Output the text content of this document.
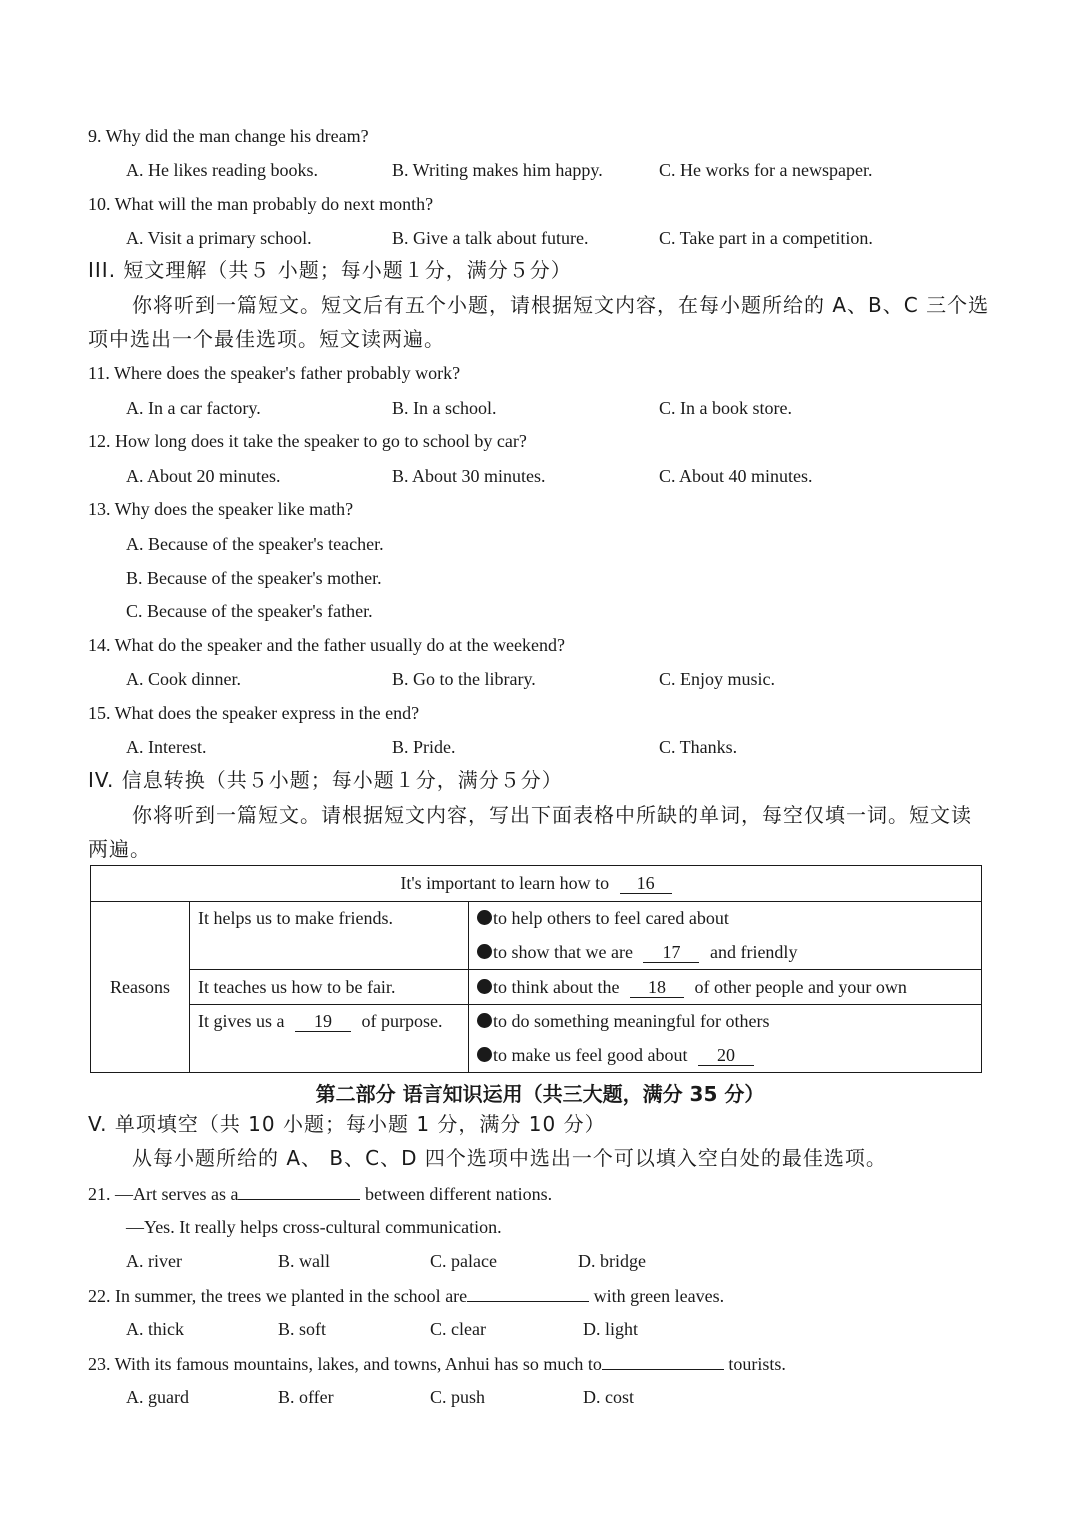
9. Why did the man change his dream?
A. He likes reading books.	B. Writing makes him happy.	C. He works for a newspaper.
10. What will the man probably do next month?
A. Visit a primary school.	B. Give a talk about future.	C. Take part in a competition.
III. 短文理解（共５ 小题；每小题１分，满分５分）
你将听到一篇短文。短文后有五个小题，请根据短文内容，在每小题所给的 A、B、C 三个选
项中选出一个最佳选项。短文读两遍。
11. Where does the speaker's father probably work?
A. In a car factory.	B. In a school.	C. In a book store.
12. How long does it take the speaker to go to school by car?
A. About 20 minutes.	B. About 30 minutes.	C. About 40 minutes.
13. Why does the speaker like math?
A. Because of the speaker's teacher.
B. Because of the speaker's mother.
C. Because of the speaker's father.
14. What do the speaker and the father usually do at the weekend?
A. Cook dinner.	B. Go to the library.	C. Enjoy music.
15. What does the speaker express in the end?
A. Interest.	B. Pride.	C. Thanks.
IV. 信息转换（共５小题；每小题１分，满分５分）
你将听到一篇短文。请根据短文内容，写出下面表格中所缺的单词，每空仅填一词。短文读
两遍。
It's important to learn how to 16		
Reasons	It helps us to make friends.	to help others to feel cared about
		to show that we are 17 and friendly
	It teaches us how to be fair.	to think about the 18 of other people and your own
	It gives us a 19 of purpose.	to do something meaningful for others
		to make us feel good about 20
第二部分 语言知识运用（共三大题，满分 35 分）
V. 单项填空（共 10 小题；每小题 1 分，满分 10 分）
从每小题所给的 A、 B、C、D 四个选项中选出一个可以填入空白处的最佳选项。
21. —Art serves as a	between different nations.
—Yes. It really helps cross-cultural communication.
A. river	B. wall	C. palace	D. bridge
22. In summer, the trees we planted in the school are	with green leaves.
A. thick	B. soft	C. clear	D. light
23. With its famous mountains, lakes, and towns, Anhui has so much to	tourists.
A. guard	B. offer	C. push	D. cost
